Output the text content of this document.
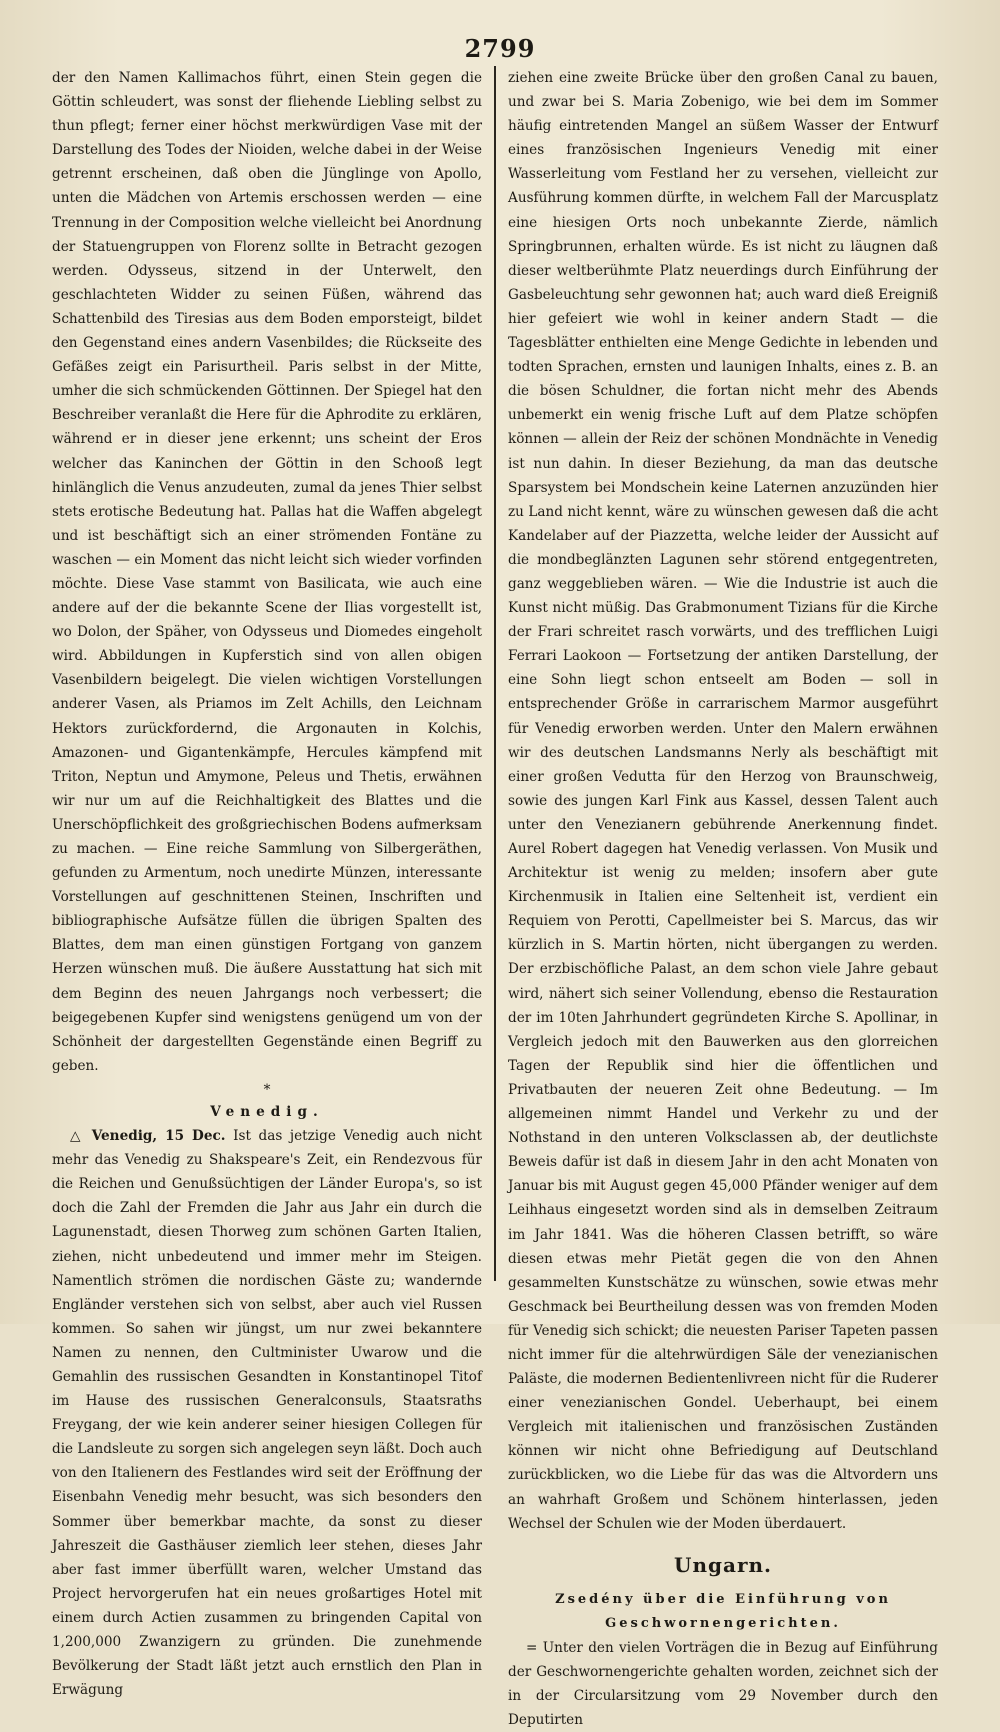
2799

der den Namen Kallimachos führt, einen Stein gegen die Göttin schleudert, was sonst der fliehende Liebling selbst zu thun pflegt; ferner einer höchst merkwürdigen Vase mit der Darstellung des Todes der Nioiden, welche dabei in der Weise getrennt erscheinen, daß oben die Jünglinge von Apollo, unten die Mädchen von Artemis erschossen werden — eine Trennung in der Composition welche vielleicht bei Anordnung der Statuengruppen von Florenz sollte in Betracht gezogen werden. Odysseus, sitzend in der Unterwelt, den geschlachteten Widder zu seinen Füßen, während das Schattenbild des Tiresias aus dem Boden emporsteigt, bildet den Gegenstand eines andern Vasenbildes; die Rückseite des Gefäßes zeigt ein Parisurtheil. Paris selbst in der Mitte, umher die sich schmückenden Göttinnen. Der Spiegel hat den Beschreiber veranlaßt die Here für die Aphrodite zu erklären, während er in dieser jene erkennt; uns scheint der Eros welcher das Kaninchen der Göttin in den Schooß legt hinlänglich die Venus anzudeuten, zumal da jenes Thier selbst stets erotische Bedeutung hat. Pallas hat die Waffen abgelegt und ist beschäftigt sich an einer strömenden Fontäne zu waschen — ein Moment das nicht leicht sich wieder vorfinden möchte. Diese Vase stammt von Basilicata, wie auch eine andere auf der die bekannte Scene der Ilias vorgestellt ist, wo Dolon, der Späher, von Odysseus und Diomedes eingeholt wird. Abbildungen in Kupferstich sind von allen obigen Vasenbildern beigelegt. Die vielen wichtigen Vorstellungen anderer Vasen, als Priamos im Zelt Achills, den Leichnam Hektors zurückfordernd, die Argonauten in Kolchis, Amazonen- und Gigantenkämpfe, Hercules kämpfend mit Triton, Neptun und Amymone, Peleus und Thetis, erwähnen wir nur um auf die Reichhaltigkeit des Blattes und die Unerschöpflichkeit des großgriechischen Bodens aufmerksam zu machen. — Eine reiche Sammlung von Silbergeräthen, gefunden zu Armentum, noch unedirte Münzen, interessante Vorstellungen auf geschnittenen Steinen, Inschriften und bibliographische Aufsätze füllen die übrigen Spalten des Blattes, dem man einen günstigen Fortgang von ganzem Herzen wünschen muß. Die äußere Ausstattung hat sich mit dem Beginn des neuen Jahrgangs noch verbessert; die beigegebenen Kupfer sind wenigstens genügend um von der Schönheit der dargestellten Gegenstände einen Begriff zu geben.

*

Venedig.

△ Venedig, 15 Dec. Ist das jetzige Venedig auch nicht mehr das Venedig zu Shakspeare's Zeit, ein Rendezvous für die Reichen und Genußsüchtigen der Länder Europa's, so ist doch die Zahl der Fremden die Jahr aus Jahr ein durch die Lagunenstadt, diesen Thorweg zum schönen Garten Italien, ziehen, nicht unbedeutend und immer mehr im Steigen. Namentlich strömen die nordischen Gäste zu; wandernde Engländer verstehen sich von selbst, aber auch viel Russen kommen. So sahen wir jüngst, um nur zwei bekanntere Namen zu nennen, den Cultminister Uwarow und die Gemahlin des russischen Gesandten in Konstantinopel Titof im Hause des russischen Generalconsuls, Staatsraths Freygang, der wie kein anderer seiner hiesigen Collegen für die Landsleute zu sorgen sich angelegen seyn läßt. Doch auch von den Italienern des Festlandes wird seit der Eröffnung der Eisenbahn Venedig mehr besucht, was sich besonders den Sommer über bemerkbar machte, da sonst zu dieser Jahreszeit die Gasthäuser ziemlich leer stehen, dieses Jahr aber fast immer überfüllt waren, welcher Umstand das Project hervorgerufen hat ein neues großartiges Hotel mit einem durch Actien zusammen zu bringenden Capital von 1,200,000 Zwanzigern zu gründen. Die zunehmende Bevölkerung der Stadt läßt jetzt auch ernstlich den Plan in Erwägung

ziehen eine zweite Brücke über den großen Canal zu bauen, und zwar bei S. Maria Zobenigo, wie bei dem im Sommer häufig eintretenden Mangel an süßem Wasser der Entwurf eines französischen Ingenieurs Venedig mit einer Wasserleitung vom Festland her zu versehen, vielleicht zur Ausführung kommen dürfte, in welchem Fall der Marcusplatz eine hiesigen Orts noch unbekannte Zierde, nämlich Springbrunnen, erhalten würde. Es ist nicht zu läugnen daß dieser weltberühmte Platz neuerdings durch Einführung der Gasbeleuchtung sehr gewonnen hat; auch ward dieß Ereigniß hier gefeiert wie wohl in keiner andern Stadt — die Tagesblätter enthielten eine Menge Gedichte in lebenden und todten Sprachen, ernsten und launigen Inhalts, eines z. B. an die bösen Schuldner, die fortan nicht mehr des Abends unbemerkt ein wenig frische Luft auf dem Platze schöpfen können — allein der Reiz der schönen Mondnächte in Venedig ist nun dahin. In dieser Beziehung, da man das deutsche Sparsystem bei Mondschein keine Laternen anzuzünden hier zu Land nicht kennt, wäre zu wünschen gewesen daß die acht Kandelaber auf der Piazzetta, welche leider der Aussicht auf die mondbeglänzten Lagunen sehr störend entgegentreten, ganz weggeblieben wären. — Wie die Industrie ist auch die Kunst nicht müßig. Das Grabmonument Tizians für die Kirche der Frari schreitet rasch vorwärts, und des trefflichen Luigi Ferrari Laokoon — Fortsetzung der antiken Darstellung, der eine Sohn liegt schon entseelt am Boden — soll in entsprechender Größe in carrarischem Marmor ausgeführt für Venedig erworben werden. Unter den Malern erwähnen wir des deutschen Landsmanns Nerly als beschäftigt mit einer großen Vedutta für den Herzog von Braunschweig, sowie des jungen Karl Fink aus Kassel, dessen Talent auch unter den Venezianern gebührende Anerkennung findet. Aurel Robert dagegen hat Venedig verlassen. Von Musik und Architektur ist wenig zu melden; insofern aber gute Kirchenmusik in Italien eine Seltenheit ist, verdient ein Requiem von Perotti, Capellmeister bei S. Marcus, das wir kürzlich in S. Martin hörten, nicht übergangen zu werden. Der erzbischöfliche Palast, an dem schon viele Jahre gebaut wird, nähert sich seiner Vollendung, ebenso die Restauration der im 10ten Jahrhundert gegründeten Kirche S. Apollinar, in Vergleich jedoch mit den Bauwerken aus den glorreichen Tagen der Republik sind hier die öffentlichen und Privatbauten der neueren Zeit ohne Bedeutung. — Im allgemeinen nimmt Handel und Verkehr zu und der Nothstand in den unteren Volksclassen ab, der deutlichste Beweis dafür ist daß in diesem Jahr in den acht Monaten von Januar bis mit August gegen 45,000 Pfänder weniger auf dem Leihhaus eingesetzt worden sind als in demselben Zeitraum im Jahr 1841. Was die höheren Classen betrifft, so wäre diesen etwas mehr Pietät gegen die von den Ahnen gesammelten Kunstschätze zu wünschen, sowie etwas mehr Geschmack bei Beurtheilung dessen was von fremden Moden für Venedig sich schickt; die neuesten Pariser Tapeten passen nicht immer für die altehrwürdigen Säle der venezianischen Paläste, die modernen Bedientenlivreen nicht für die Ruderer einer venezianischen Gondel. Ueberhaupt, bei einem Vergleich mit italienischen und französischen Zuständen können wir nicht ohne Befriedigung auf Deutschland zurückblicken, wo die Liebe für das was die Altvordern uns an wahrhaft Großem und Schönem hinterlassen, jeden Wechsel der Schulen wie der Moden überdauert.

Ungarn.

Zsedény über die Einführung von Geschwornengerichten.

= Unter den vielen Vorträgen die in Bezug auf Einführung der Geschwornengerichte gehalten worden, zeichnet sich der in der Circularsitzung vom 29 November durch den Deputirten
